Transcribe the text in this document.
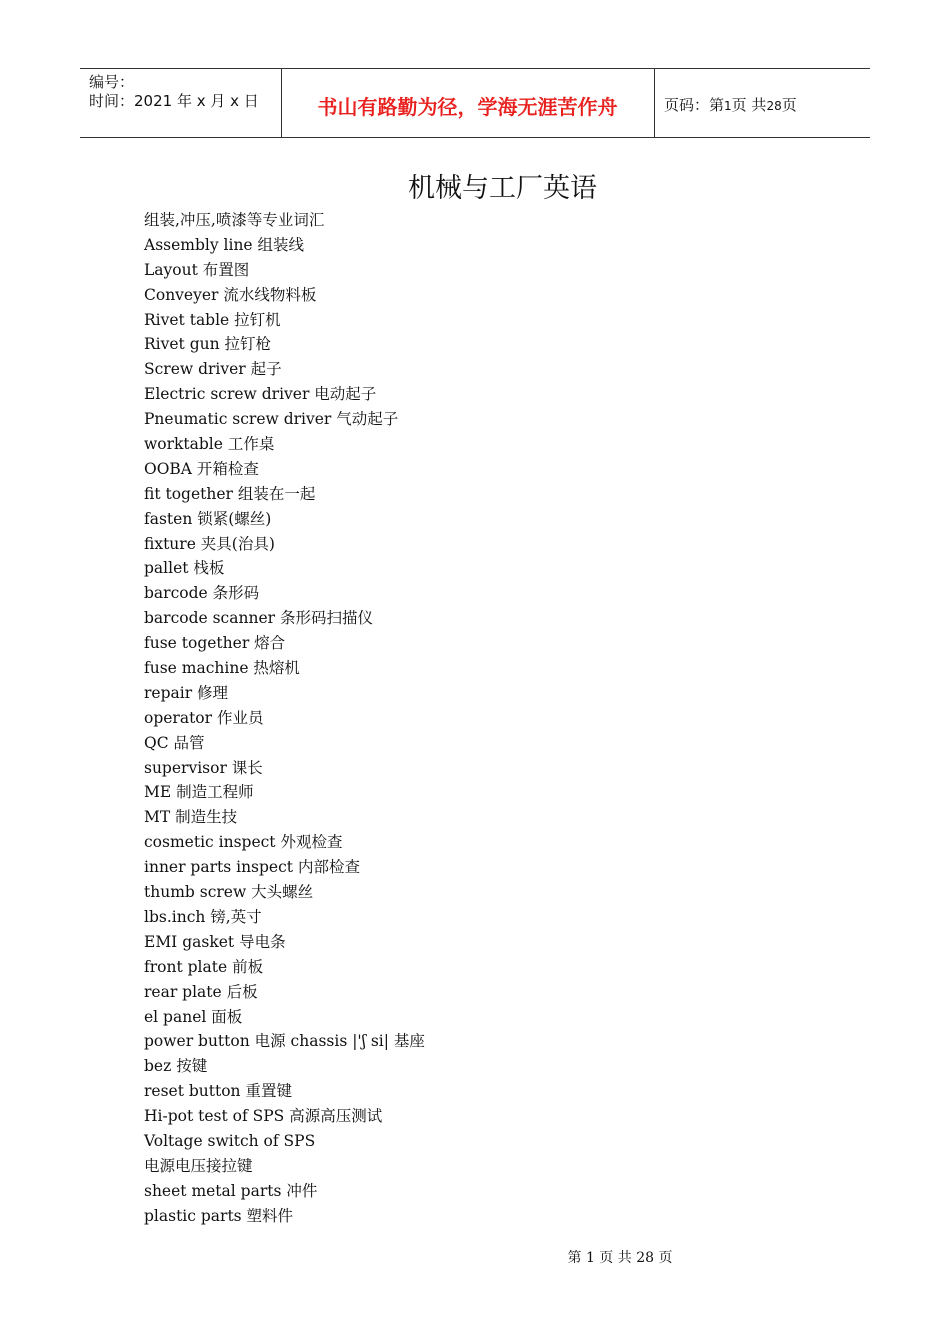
编号：
时间：2021 年 x 月 x 日	书山有路勤为径，学海无涯苦作舟	页码：第1页 共28页
机械与工厂英语
组装,冲压,喷漆等专业词汇
Assembly line 组装线
Layout 布置图
Conveyer 流水线物料板
Rivet table 拉钉机
Rivet gun 拉钉枪
Screw driver 起子
Electric screw driver 电动起子
Pneumatic screw driver 气动起子
worktable 工作桌
OOBA 开箱检查
fit together 组装在一起
fasten 锁紧(螺丝)
fixture 夹具(治具)
pallet 栈板
barcode 条形码
barcode scanner 条形码扫描仪
fuse together 熔合
fuse machine 热熔机
repair 修理
operator 作业员
QC 品管
supervisor 课长
ME 制造工程师
MT 制造生技
cosmetic inspect 外观检查
inner parts inspect 内部检查
thumb screw 大头螺丝
lbs.inch 镑,英寸
EMI gasket 导电条
front plate 前板
rear plate 后板
el panel 面板
power button 电源 chassis |'ʃ si| 基座
bez 按键
reset button 重置键
Hi-pot test of SPS 高源高压测试
Voltage switch of SPS
电源电压接拉键
sheet metal parts 冲件
plastic parts 塑料件
第 1 页 共 28 页
